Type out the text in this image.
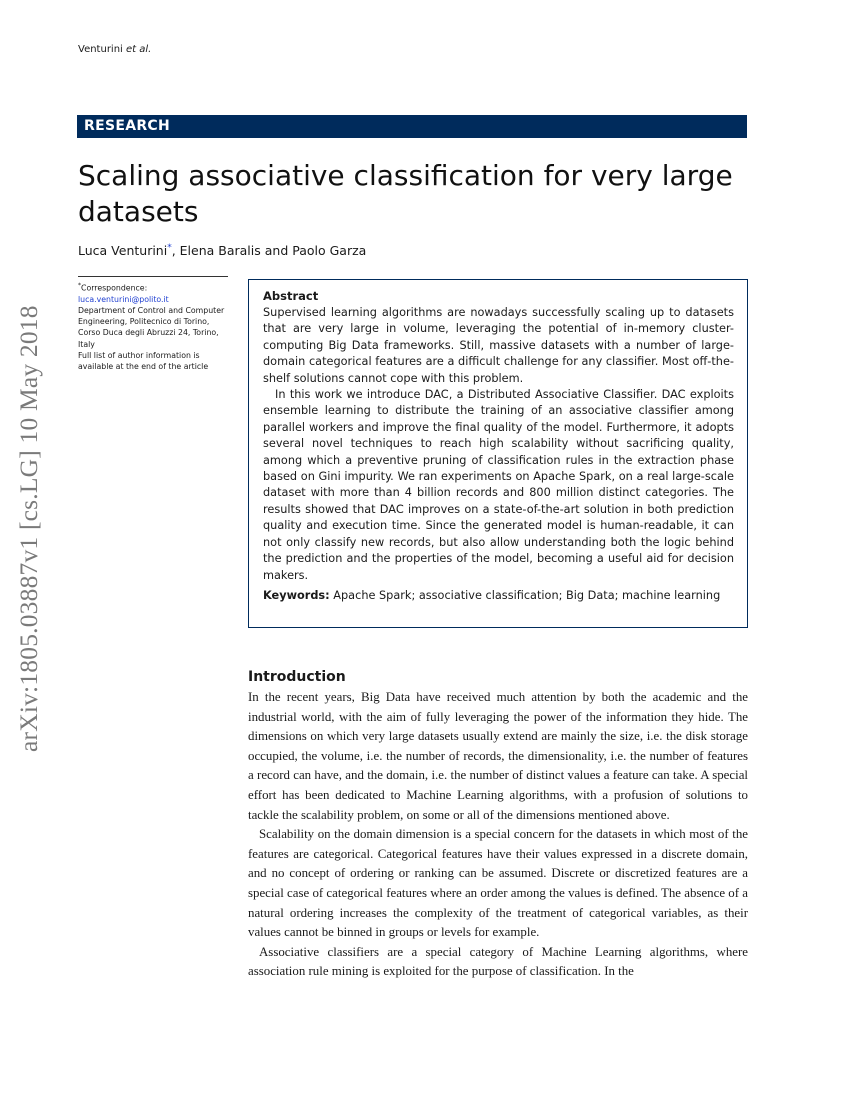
Venturini et al.
RESEARCH
Scaling associative classification for very large datasets
Luca Venturini*, Elena Baralis and Paolo Garza
*Correspondence:
luca.venturini@polito.it
Department of Control and Computer Engineering, Politecnico di Torino, Corso Duca degli Abruzzi 24, Torino, Italy
Full list of author information is available at the end of the article
Abstract

Supervised learning algorithms are nowadays successfully scaling up to datasets that are very large in volume, leveraging the potential of in-memory cluster-computing Big Data frameworks. Still, massive datasets with a number of large-domain categorical features are a difficult challenge for any classifier. Most off-the-shelf solutions cannot cope with this problem.

In this work we introduce DAC, a Distributed Associative Classifier. DAC exploits ensemble learning to distribute the training of an associative classifier among parallel workers and improve the final quality of the model. Furthermore, it adopts several novel techniques to reach high scalability without sacrificing quality, among which a preventive pruning of classification rules in the extraction phase based on Gini impurity. We ran experiments on Apache Spark, on a real large-scale dataset with more than 4 billion records and 800 million distinct categories. The results showed that DAC improves on a state-of-the-art solution in both prediction quality and execution time. Since the generated model is human-readable, it can not only classify new records, but also allow understanding both the logic behind the prediction and the properties of the model, becoming a useful aid for decision makers.

Keywords: Apache Spark; associative classification; Big Data; machine learning
arXiv:1805.03887v1 [cs.LG] 10 May 2018	Introduction

In the recent years, Big Data have received much attention by both the academic and the industrial world, with the aim of fully leveraging the power of the information they hide. The dimensions on which very large datasets usually extend are mainly the size, i.e. the disk storage occupied, the volume, i.e. the number of records, the dimensionality, i.e. the number of features a record can have, and the domain, i.e. the number of distinct values a feature can take. A special effort has been dedicated to Machine Learning algorithms, with a profusion of solutions to tackle the scalability problem, on some or all of the dimensions mentioned above.

Scalability on the domain dimension is a special concern for the datasets in which most of the features are categorical. Categorical features have their values expressed in a discrete domain, and no concept of ordering or ranking can be assumed. Discrete or discretized features are a special case of categorical features where an order among the values is defined. The absence of a natural ordering increases the complexity of the treatment of categorical variables, as their values cannot be binned in groups or levels for example.

Associative classifiers are a special category of Machine Learning algorithms, where association rule mining is exploited for the purpose of classification. In the
